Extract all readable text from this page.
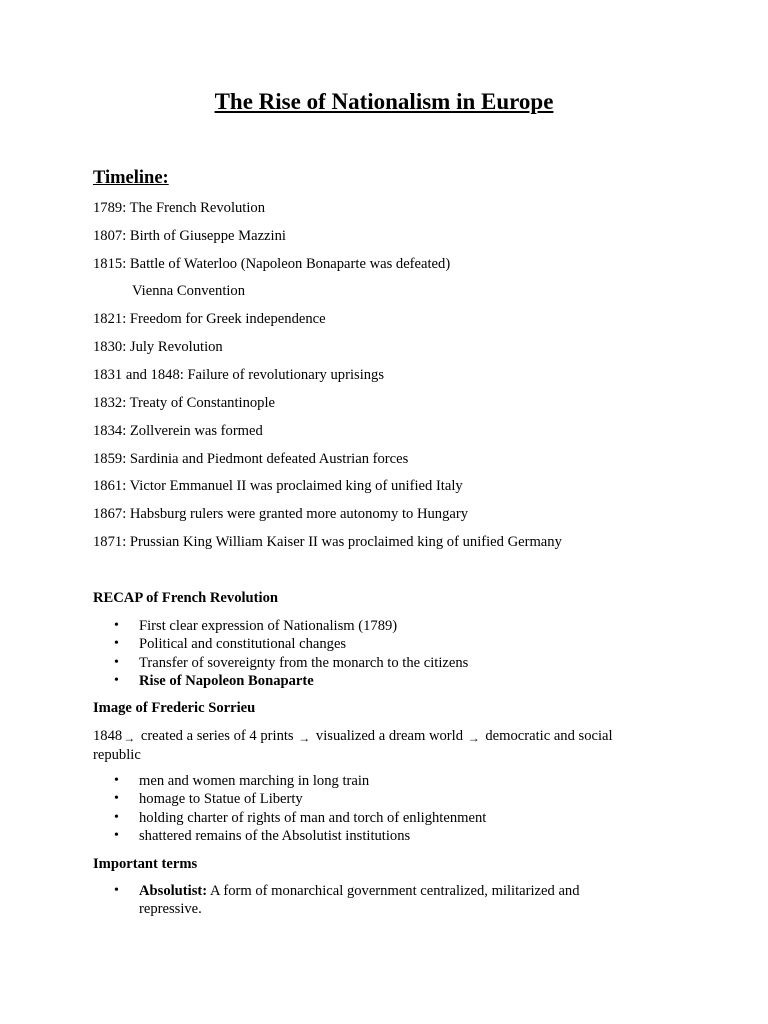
The Rise of Nationalism in Europe
Timeline:

1789: The French Revolution

1807: Birth of Giuseppe Mazzini

1815: Battle of Waterloo (Napoleon Bonaparte was defeated)

Vienna Convention

1821: Freedom for Greek independence

1830: July Revolution

1831 and 1848: Failure of revolutionary uprisings

1832: Treaty of Constantinople

1834: Zollverein was formed

1859: Sardinia and Piedmont defeated Austrian forces

1861: Victor Emmanuel II was proclaimed king of unified Italy

1867: Habsburg rulers were granted more autonomy to Hungary

1871: Prussian King William Kaiser II was proclaimed king of unified Germany

RECAP of French Revolution

• First clear expression of Nationalism (1789)
• Political and constitutional changes
• Transfer of sovereignty from the monarch to the citizens
• Rise of Napoleon Bonaparte

Image of Frederic Sorrieu

1848→ created a series of 4 prints → visualized a dream world → democratic and social republic

• men and women marching in long train
• homage to Statue of Liberty
• holding charter of rights of man and torch of enlightenment
• shattered remains of the Absolutist institutions

Important terms

• Absolutist: A form of monarchical government centralized, militarized and repressive.
